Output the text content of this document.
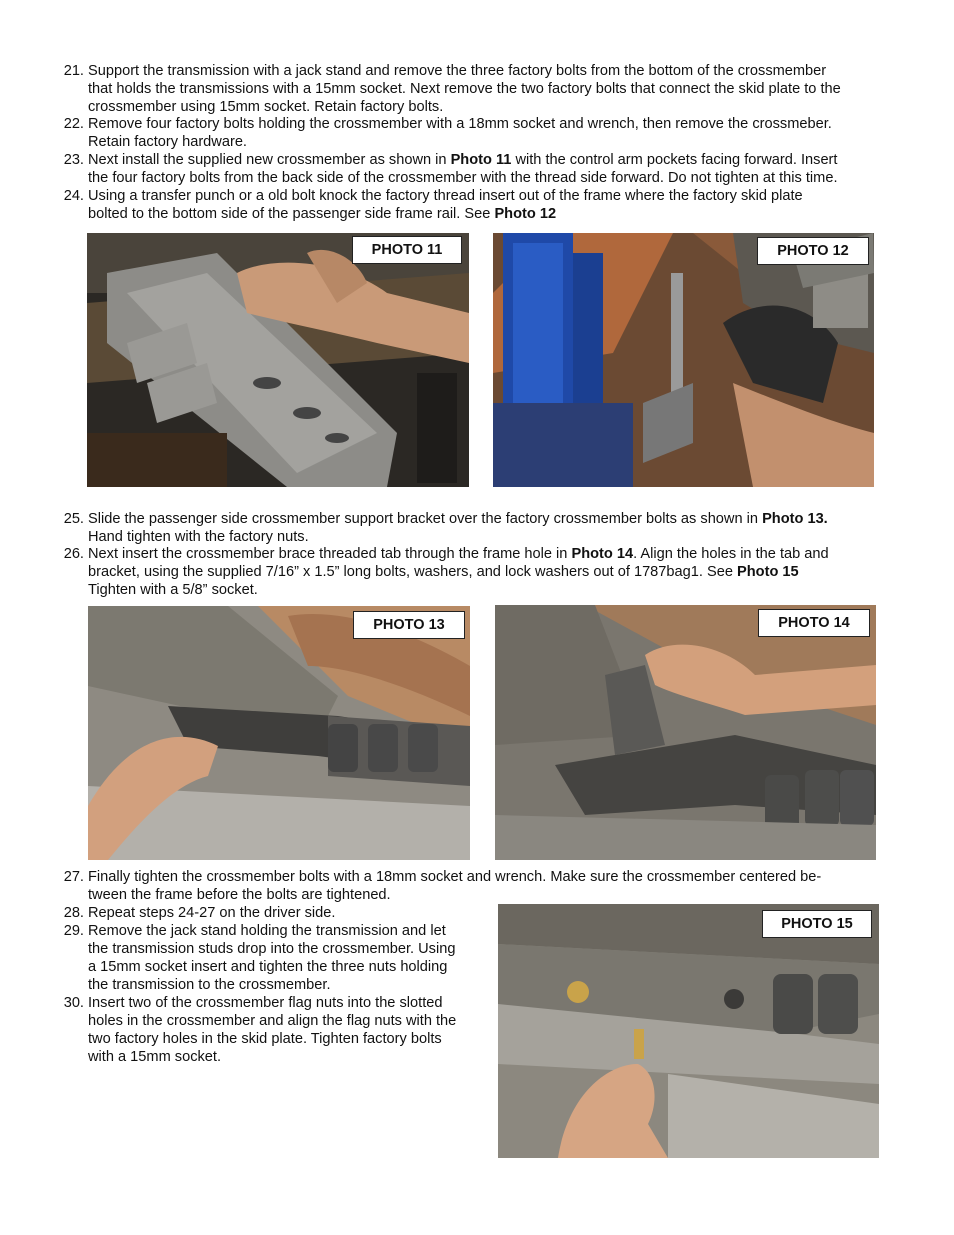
21. Support the transmission with a jack stand and remove the three factory bolts from the bottom of the crossmember
that holds the transmissions with a 15mm socket. Next remove the two factory bolts that connect the skid plate to the
crossmember using 15mm socket. Retain factory bolts.
22. Remove four factory bolts holding the crossmember with a 18mm socket and wrench, then remove the crossmeber.
Retain factory hardware.
23. Next install the supplied new crossmember as shown in Photo 11 with the control arm pockets facing forward. Insert
the four factory bolts from the back side of the crossmember with the thread side forward. Do not tighten at this time.
24. Using a transfer punch or a old bolt knock the factory thread insert out of the frame where the factory skid plate
bolted to the bottom side of the passenger side frame rail. See Photo 12
PHOTO 11	PHOTO 12
25. Slide the passenger side crossmember support bracket over the factory crossmember bolts as shown in Photo 13.
Hand tighten with the factory nuts.
26. Next insert the crossmember brace threaded tab through the frame hole in Photo 14. Align the holes in the tab and
bracket, using the supplied 7/16” x 1.5” long bolts, washers, and lock washers out of 1787bag1. See Photo 15
Tighten with a 5/8” socket.
PHOTO 13	PHOTO 14
27. Finally tighten the crossmember bolts with a 18mm socket and wrench. Make sure the crossmember centered be-
tween the frame before the bolts are tightened.
28. Repeat steps 24-27 on the driver side.
29. Remove the jack stand holding the transmission and let
the transmission studs drop into the crossmember. Using
a 15mm socket insert and tighten the three nuts holding
the transmission to the crossmember.
30. Insert two of the crossmember flag nuts into the slotted
holes in the crossmember and align the flag nuts with the
two factory holes in the skid plate. Tighten factory bolts
with a 15mm socket.
PHOTO 15
